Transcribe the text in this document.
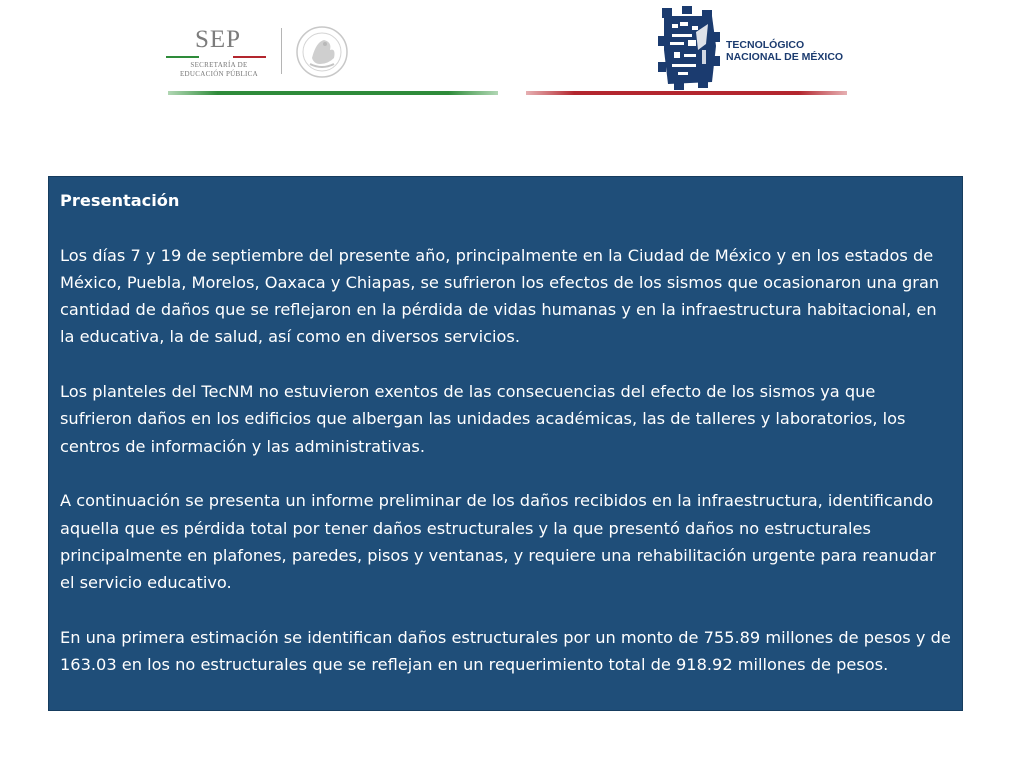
SEP
SECRETARÍA DE
EDUCACIÓN PÚBLICA
TECNOLÓGICO
NACIONAL DE MÉXICO
Presentación

Los días 7 y 19 de septiembre del presente año, principalmente en la Ciudad de México y en los estados de México, Puebla, Morelos, Oaxaca y Chiapas, se sufrieron los efectos de los sismos que ocasionaron una gran cantidad de daños que se reflejaron en la pérdida de vidas humanas y en la infraestructura habitacional, en la educativa, la de salud, así como en diversos servicios.

Los planteles del TecNM no estuvieron exentos de las consecuencias del efecto de los sismos ya que sufrieron daños en los edificios que albergan las unidades académicas, las de talleres y laboratorios, los centros de información y las administrativas.

A continuación se presenta un informe preliminar de los daños recibidos en la infraestructura, identificando aquella que es pérdida total por tener daños estructurales y la que presentó daños no estructurales principalmente en plafones, paredes, pisos y ventanas, y requiere una rehabilitación urgente para reanudar el servicio educativo.

En una primera estimación se identifican daños estructurales por un monto de 755.89 millones de pesos y de 163.03 en los no estructurales que se reflejan en un requerimiento total de 918.92 millones de pesos.
